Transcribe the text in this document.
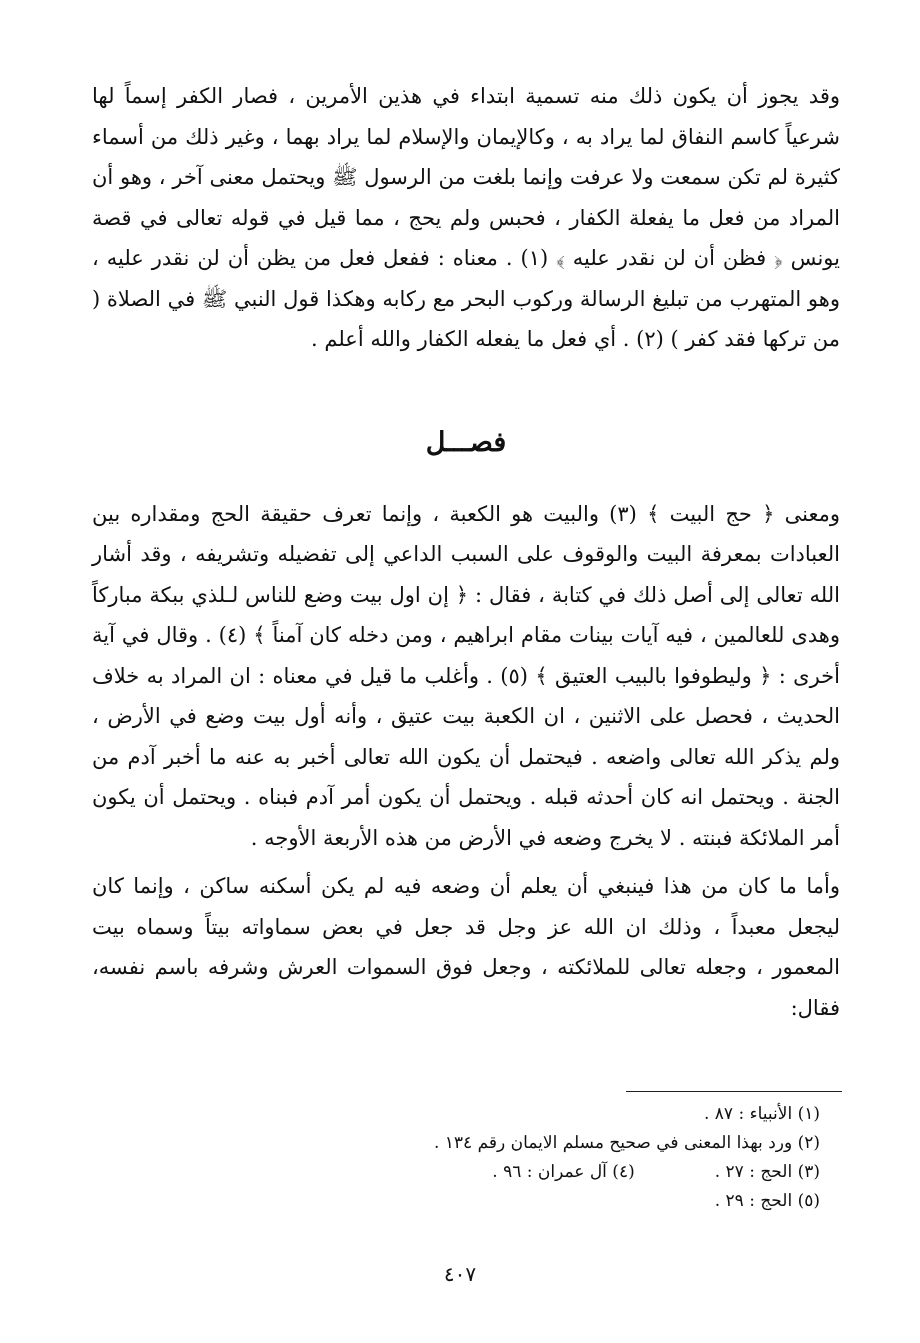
وقد يجوز أن يكون ذلك منه تسمية ابتداء في هذين الأمرين ، فصار الكفر إسماً لها شرعياً كاسم النفاق لما يراد به ، وكالإيمان والإسلام لما يراد بهما ، وغير ذلك من أسماء كثيرة لم تكن سمعت ولا عرفت وإنما بلغت من الرسول ﷺ ويحتمل معنى آخر ، وهو أن المراد من فعل ما يفعلة الكفار ، فحبس ولم يحج ، مما قيل في قوله تعالى في قصة يونس ﴿ فظن أن لن نقدر عليه ﴾ (١) . معناه : ففعل فعل من يظن أن لن نقدر عليه ، وهو المتهرب من تبليغ الرسالة وركوب البحر مع ركابه وهكذا قول النبي ﷺ في الصلاة ( من تركها فقد كفر ) (٢) . أي فعل ما يفعله الكفار والله أعلم .

فصـــل

ومعنى ﴿ حج البيت ﴾ (٣) والبيت هو الكعبة ، وإنما تعرف حقيقة الحج ومقداره بين العبادات بمعرفة البيت والوقوف على السبب الداعي إلى تفضيله وتشريفه ، وقد أشار الله تعالى إلى أصل ذلك في كتابة ، فقال : ﴿ إن اول بيت وضع للناس لـلذي ببكة مباركاً وهدى للعالمين ، فيه آيات بينات مقام ابراهيم ، ومن دخله كان آمناً ﴾ (٤) . وقال في آية أخرى : ﴿ وليطوفوا بالبيب العتيق ﴾ (٥) . وأغلب ما قيل في معناه : ان المراد به خلاف الحديث ، فحصل على الاثنين ، ان الكعبة بيت عتيق ، وأنه أول بيت وضع في الأرض ، ولم يذكر الله تعالى واضعه . فيحتمل أن يكون الله تعالى أخبر به عنه ما أخبر آدم من الجنة . ويحتمل انه كان أحدثه قبله . ويحتمل أن يكون أمر آدم فبناه . ويحتمل أن يكون أمر الملائكة فبنته . لا يخرج وضعه في الأرض من هذه الأربعة الأوجه .

وأما ما كان من هذا فينبغي أن يعلم أن وضعه فيه لم يكن أسكنه ساكن ، وإنما كان ليجعل معبداً ، وذلك ان الله عز وجل قد جعل في بعض سماواته بيتاً وسماه بيت المعمور ، وجعله تعالى للملائكته ، وجعل فوق السموات العرش وشرفه باسم نفسه، فقال:

(١) الأنبياء : ٨٧ .
(٢) ورد بهذا المعنى في صحيح مسلم الايمان رقم ١٣٤ .
(٣) الحج : ٢٧ .
(٤) آل عمران : ٩٦ .
(٥) الحج : ٢٩ .
٤٠٧
